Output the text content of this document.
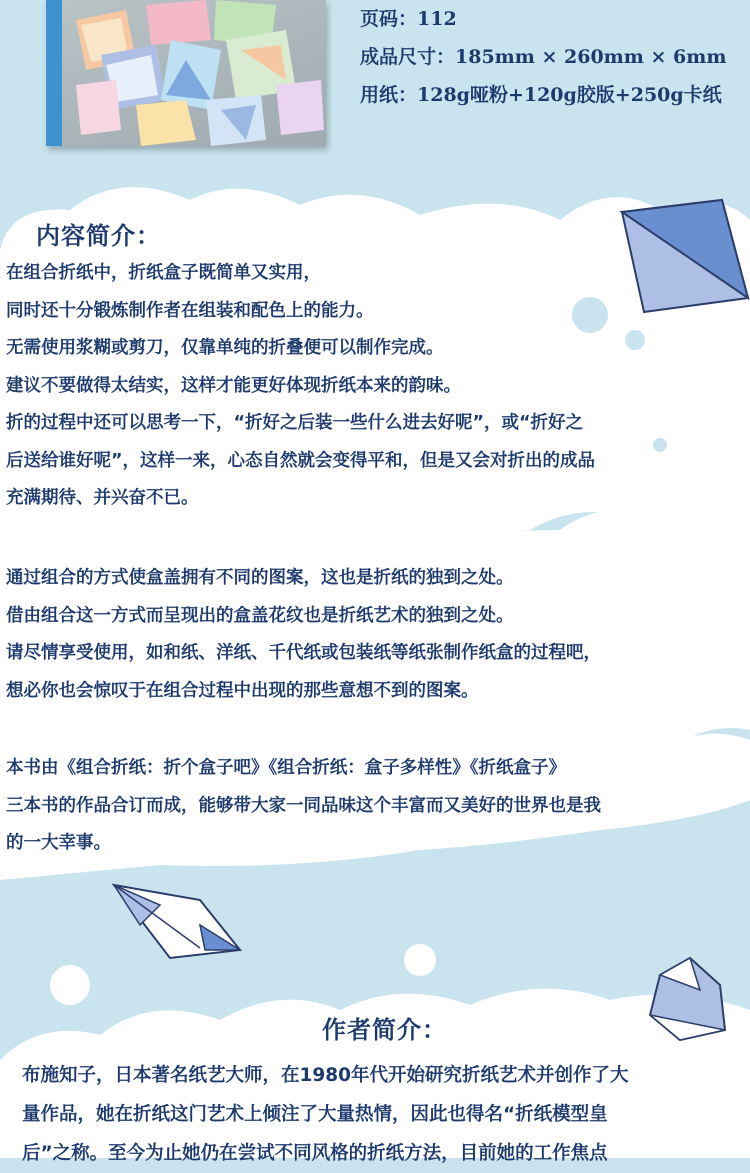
页码：112
成品尺寸：185mm × 260mm × 6mm
用纸：128g哑粉+120g胶版+250g卡纸
内容简介：

在组合折纸中，折纸盒子既简单又实用，

同时还十分锻炼制作者在组装和配色上的能力。

无需使用浆糊或剪刀，仅靠单纯的折叠便可以制作完成。

建议不要做得太结实，这样才能更好体现折纸本来的韵味。

折的过程中还可以思考一下，“折好之后装一些什么进去好呢”，或“折好之

后送给谁好呢”，这样一来，心态自然就会变得平和，但是又会对折出的成品

充满期待、并兴奋不已。

通过组合的方式使盒盖拥有不同的图案，这也是折纸的独到之处。

借由组合这一方式而呈现出的盒盖花纹也是折纸艺术的独到之处。

请尽情享受使用，如和纸、洋纸、千代纸或包装纸等纸张制作纸盒的过程吧，

想必你也会惊叹于在组合过程中出现的那些意想不到的图案。

本书由《组合折纸：折个盒子吧》《组合折纸：盒子多样性》《折纸盒子》

三本书的作品合订而成，能够带大家一同品味这个丰富而又美好的世界也是我

的一大幸事。

作者简介：

布施知子，日本著名纸艺大师，在1980年代开始研究折纸艺术并创作了大

量作品，她在折纸这门艺术上倾注了大量热情，因此也得名“折纸模型皇

后”之称。至今为止她仍在尝试不同风格的折纸方法，目前她的工作焦点
